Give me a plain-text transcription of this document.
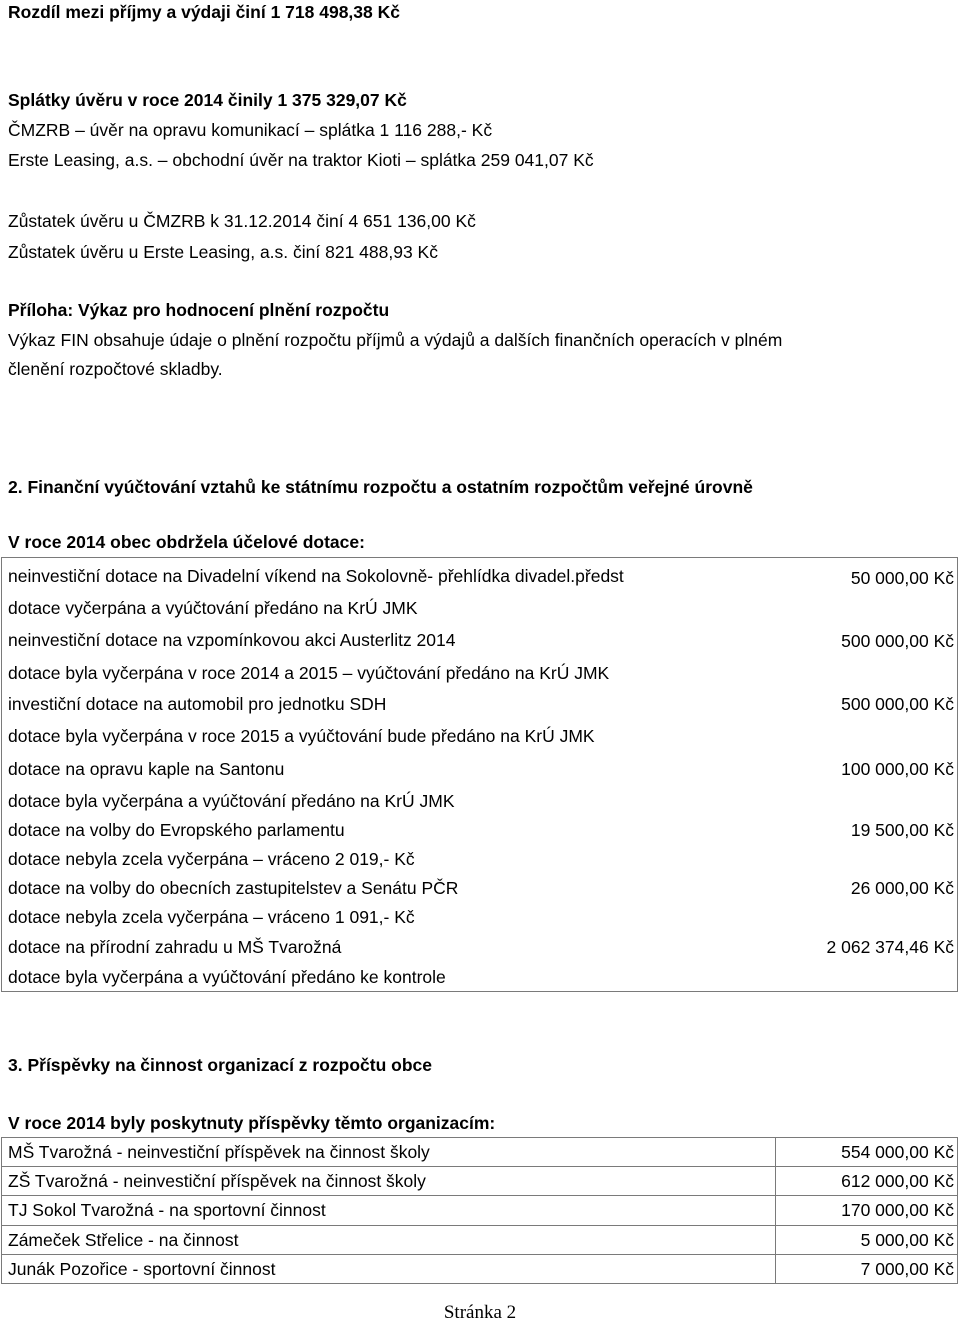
Rozdíl mezi příjmy a výdaji činí 1 718 498,38 Kč
Splátky úvěru v roce 2014 činily 1 375 329,07 Kč
ČMZRB – úvěr na opravu komunikací – splátka 1 116 288,- Kč
Erste Leasing, a.s. – obchodní úvěr na traktor Kioti – splátka 259 041,07 Kč
Zůstatek úvěru u ČMZRB k 31.12.2014 činí 4 651 136,00 Kč
Zůstatek úvěru u Erste Leasing, a.s. činí 821 488,93 Kč
Příloha: Výkaz pro hodnocení plnění rozpočtu
Výkaz FIN obsahuje údaje o plnění rozpočtu příjmů a výdajů a dalších finančních operacích v plném
členění rozpočtové skladby.
2. Finanční vyúčtování vztahů ke státnímu rozpočtu a ostatním rozpočtům veřejné úrovně
V roce 2014 obec obdržela účelové dotace:
neinvestiční dotace na Divadelní víkend na Sokolovně- přehlídka divadel.předst	50 000,00 Kč
dotace vyčerpána a vyúčtování předáno na KrÚ JMK
neinvestiční dotace na vzpomínkovou akci Austerlitz 2014	500 000,00 Kč
dotace byla vyčerpána v roce 2014 a 2015 – vyúčtování předáno na KrÚ JMK
investiční dotace na automobil pro jednotku SDH	500 000,00 Kč
dotace byla vyčerpána v roce 2015 a vyúčtování bude předáno na KrÚ JMK
dotace na opravu kaple na Santonu	100 000,00 Kč
dotace byla vyčerpána a vyúčtování předáno na KrÚ JMK
dotace na volby do Evropského parlamentu	19 500,00 Kč
dotace nebyla zcela vyčerpána – vráceno 2 019,- Kč
dotace na volby do obecních zastupitelstev a Senátu PČR	26 000,00 Kč
dotace nebyla zcela vyčerpána – vráceno 1 091,- Kč
dotace na přírodní zahradu u MŠ Tvarožná	2 062 374,46 Kč
dotace byla vyčerpána a vyúčtování předáno ke kontrole
3. Příspěvky na činnost organizací z rozpočtu obce
V roce 2014 byly poskytnuty příspěvky těmto organizacím:
MŠ Tvarožná - neinvestiční příspěvek na činnost školy	554 000,00 Kč
ZŠ Tvarožná - neinvestiční příspěvek na činnost školy	612 000,00 Kč
TJ Sokol Tvarožná - na sportovní činnost	170 000,00 Kč
Zámeček Střelice - na činnost	5 000,00 Kč
Junák Pozořice - sportovní činnost	7 000,00 Kč
Stránka 2
